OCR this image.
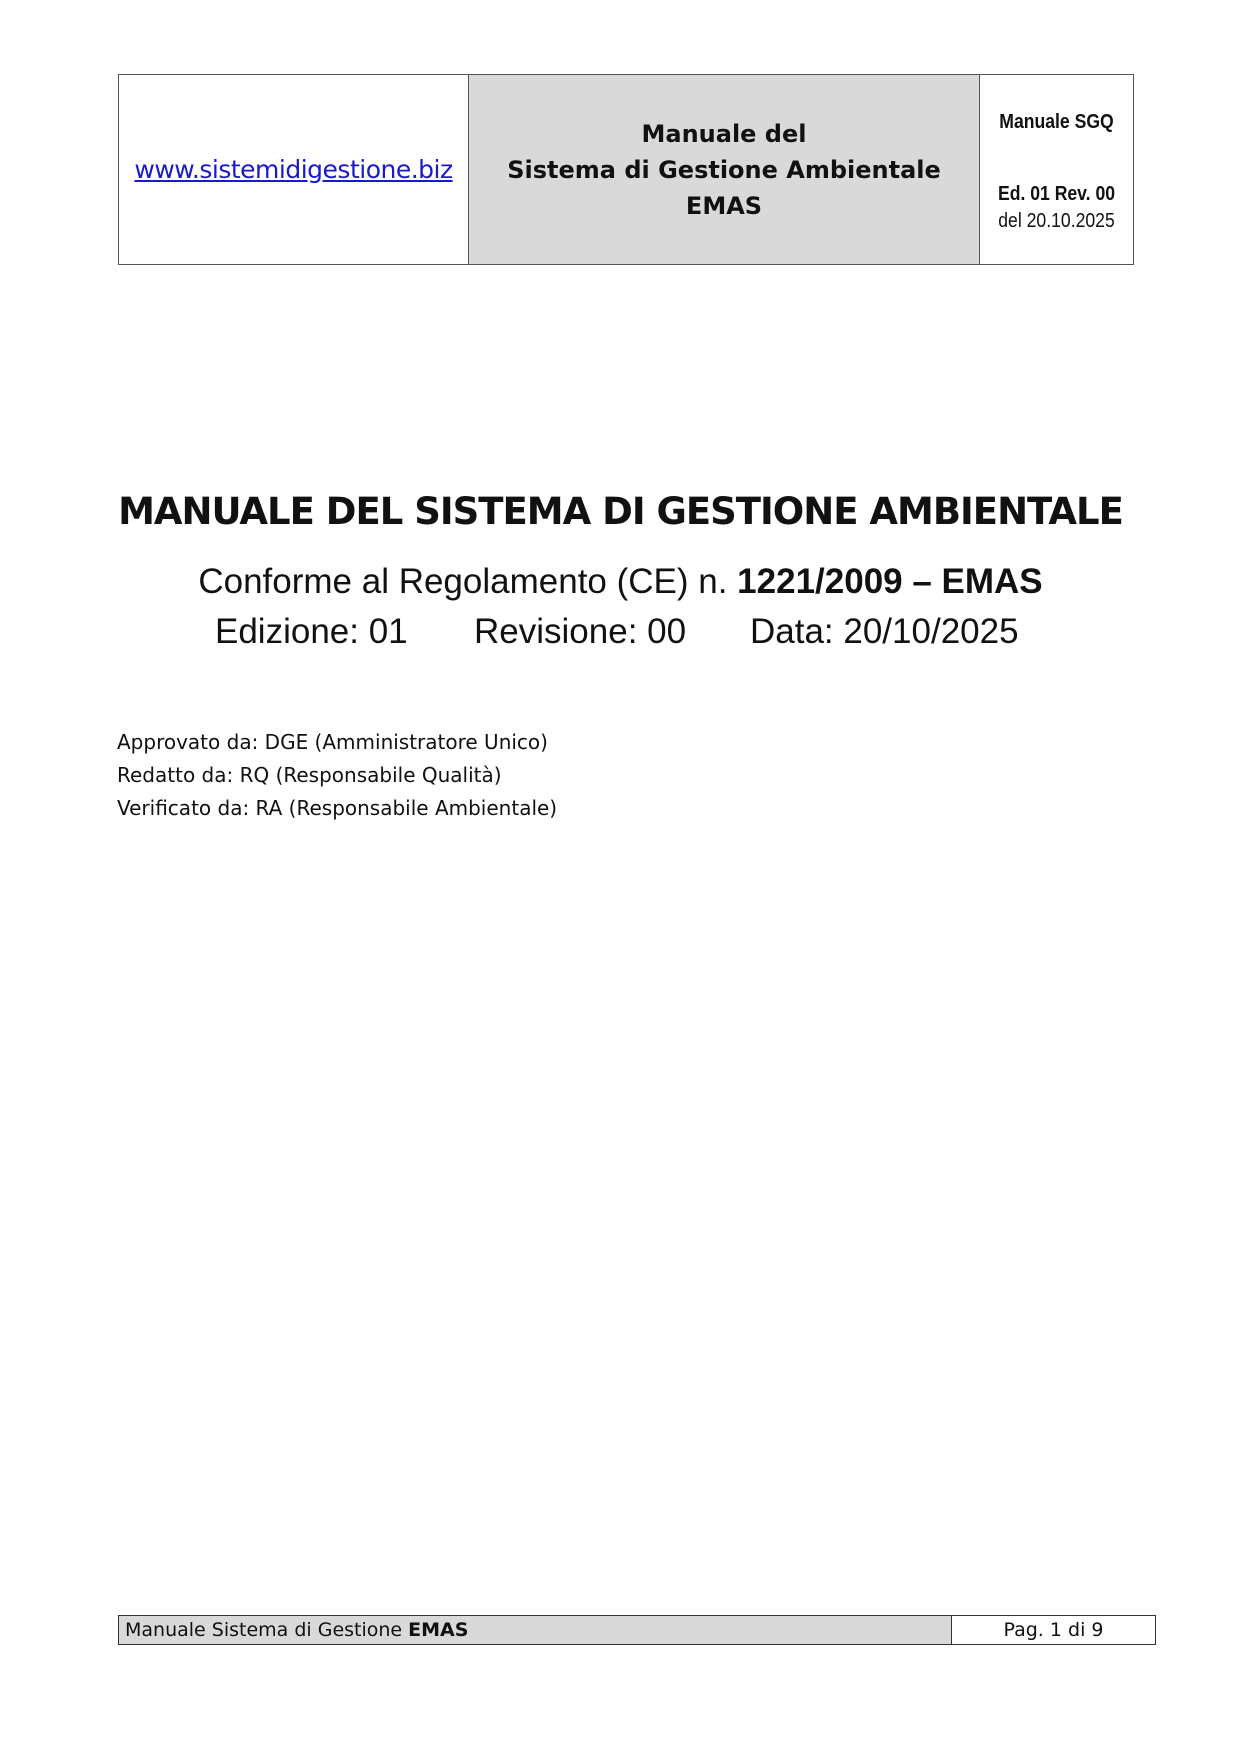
www.sistemidigestione.biz	
Manuale del
Sistema di Gestione Ambientale
EMAS

Manuale SGQ
Ed. 01 Rev. 00
del 20.10.2025
MANUALE DEL SISTEMA DI GESTIONE AMBIENTALE
Conforme al Regolamento (CE) n. 1221/2009 – EMAS
Edizione: 01 Revisione: 00 Data: 20/10/2025
Approvato da: DGE (Amministratore Unico)
Redatto da: RQ (Responsabile Qualità)
Verificato da: RA (Responsabile Ambientale)
Manuale Sistema di Gestione EMAS	Pag. 1 di 9
